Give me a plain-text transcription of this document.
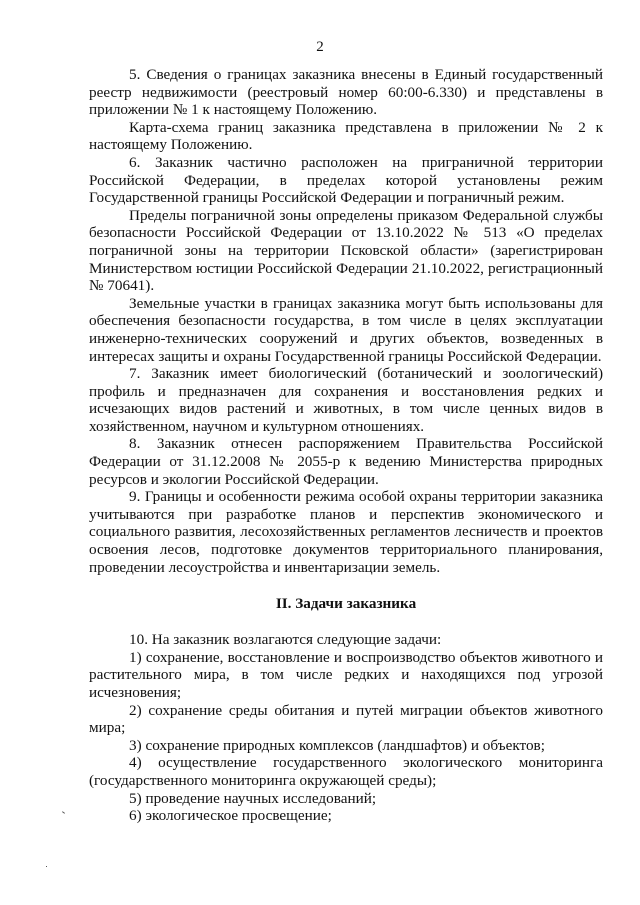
2

5. Сведения о границах заказника внесены в Единый государственный реестр недвижимости (реестровый номер 60:00-6.330) и представлены в приложении № 1 к настоящему Положению.

Карта-схема границ заказника представлена в приложении № 2 к настоящему Положению.

6. Заказник частично расположен на приграничной территории Российской Федерации, в пределах которой установлены режим Государственной границы Российской Федерации и пограничный режим.

Пределы пограничной зоны определены приказом Федеральной службы безопасности Российской Федерации от 13.10.2022 № 513 «О пределах пограничной зоны на территории Псковской области» (зарегистрирован Министерством юстиции Российской Федерации 21.10.2022, регистрационный № 70641).

Земельные участки в границах заказника могут быть использованы для обеспечения безопасности государства, в том числе в целях эксплуатации инженерно-технических сооружений и других объектов, возведенных в интересах защиты и охраны Государственной границы Российской Федерации.

7. Заказник имеет биологический (ботанический и зоологический) профиль и предназначен для сохранения и восстановления редких и исчезающих видов растений и животных, в том числе ценных видов в хозяйственном, научном и культурном отношениях.

8. Заказник отнесен распоряжением Правительства Российской Федерации от 31.12.2008 № 2055-р к ведению Министерства природных ресурсов и экологии Российской Федерации.

9. Границы и особенности режима особой охраны территории заказника учитываются при разработке планов и перспектив экономического и социального развития, лесохозяйственных регламентов лесничеств и проектов освоения лесов, подготовке документов территориального планирования, проведении лесоустройства и инвентаризации земель.

II. Задачи заказника

10. На заказник возлагаются следующие задачи:

1) сохранение, восстановление и воспроизводство объектов животного и растительного мира, в том числе редких и находящихся под угрозой исчезновения;

2) сохранение среды обитания и путей миграции объектов животного мира;

3) сохранение природных комплексов (ландшафтов) и объектов;

4) осуществление государственного экологического мониторинга (государственного мониторинга окружающей среды);

5) проведение научных исследований;

6) экологическое просвещение;
